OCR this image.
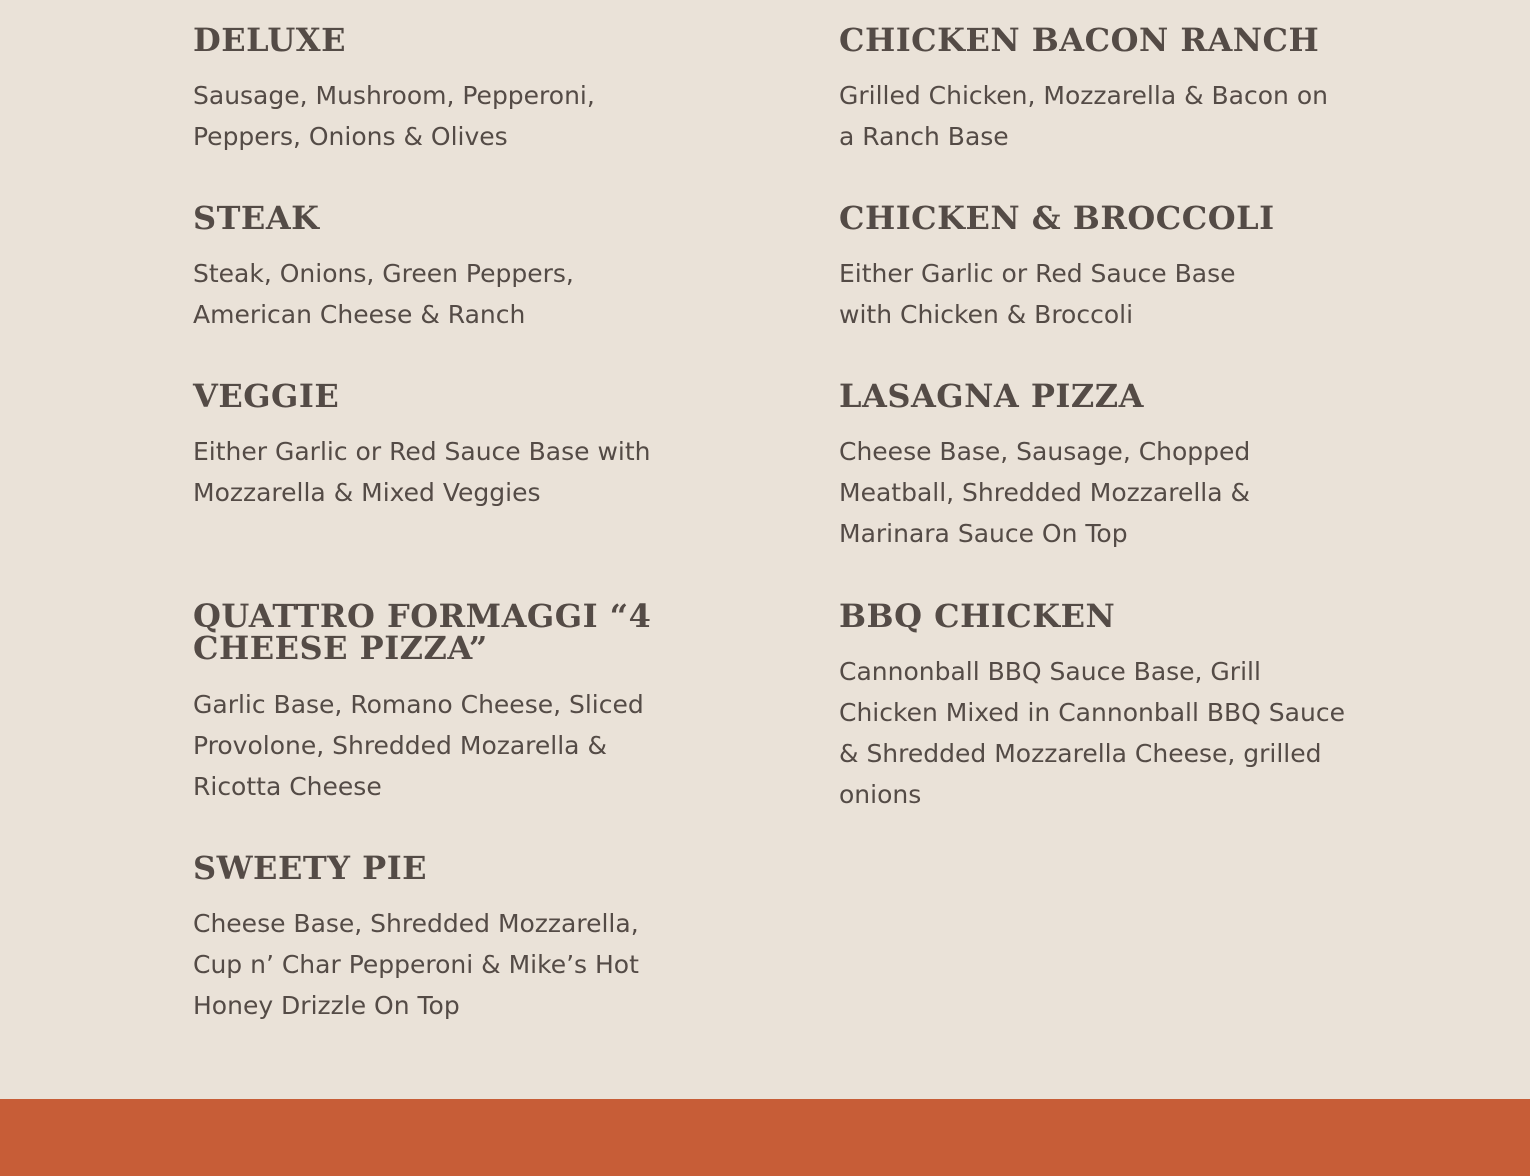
DELUXE
Sausage, Mushroom, Pepperoni, Peppers, Onions & Olives
STEAK
Steak, Onions, Green Peppers, American Cheese & Ranch
VEGGIE
Either Garlic or Red Sauce Base with Mozzarella & Mixed Veggies
QUATTRO FORMAGGI “4 CHEESE PIZZA”
Garlic Base, Romano Cheese, Sliced Provolone, Shredded Mozarella & Ricotta Cheese
SWEETY PIE
Cheese Base, Shredded Mozzarella, Cup n’ Char Pepperoni & Mike’s Hot Honey Drizzle On Top
CHICKEN BACON RANCH
Grilled Chicken, Mozzarella & Bacon on a Ranch Base
CHICKEN & BROCCOLI
Either Garlic or Red Sauce Base with Chicken & Broccoli
LASAGNA PIZZA
Cheese Base, Sausage, Chopped Meatball, Shredded Mozzarella & Marinara Sauce On Top
BBQ CHICKEN
Cannonball BBQ Sauce Base, Grill Chicken Mixed in Cannonball BBQ Sauce & Shredded Mozzarella Cheese, grilled onions
